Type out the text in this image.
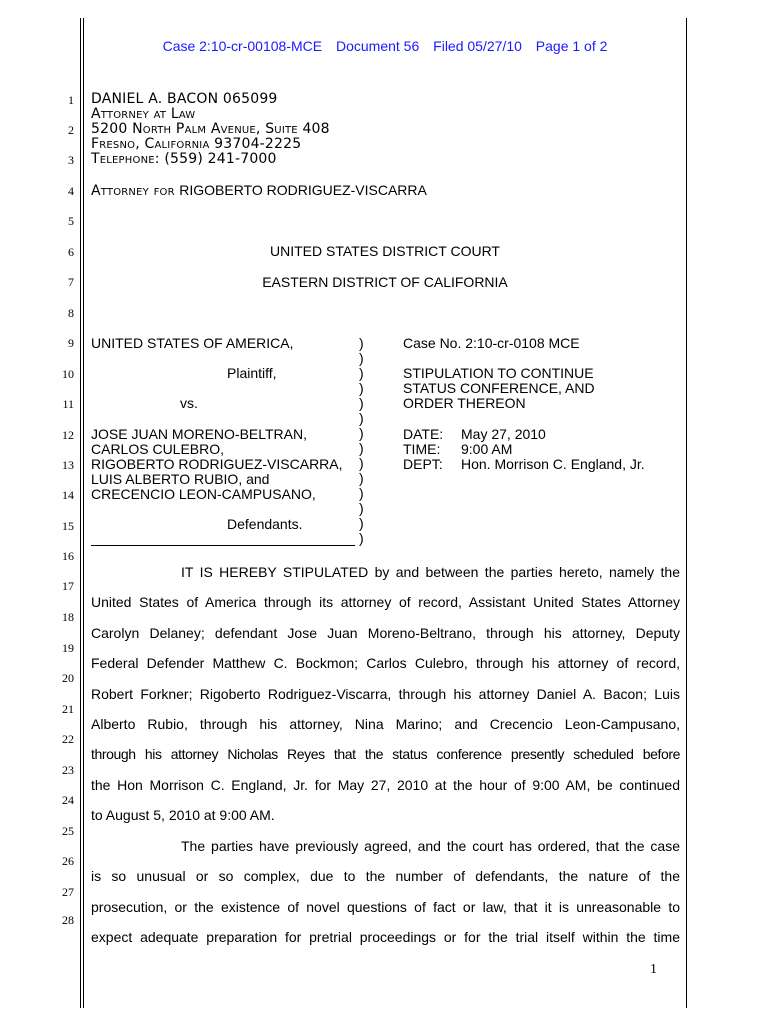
Case 2:10-cr-00108-MCE Document 56 Filed 05/27/10 Page 1 of 2
1
2
3
4
5
6
7
8
9
10
11
12
13
14
15
16
17
18
19
20
21
22
23
24
25
26
27
28
DANIEL A. BACON 065099
Attorney at Law
5200 North Palm Avenue, Suite 408
Fresno, California 93704-2225
Telephone: (559) 241-7000
Attorney for RIGOBERTO RODRIGUEZ-VISCARRA
UNITED STATES DISTRICT COURT
EASTERN DISTRICT OF CALIFORNIA
UNITED STATES OF AMERICA,
Plaintiff,
vs.
JOSE JUAN MORENO-BELTRAN,
CARLOS CULEBRO,
RIGOBERTO RODRIGUEZ-VISCARRA,
LUIS ALBERTO RUBIO, and
CRECENCIO LEON-CAMPUSANO,
Defendants.
)
)
)
)
)
)
)
)
)
)
)
)
)
)
Case No. 2:10-cr-0108 MCE
STIPULATION TO CONTINUE
STATUS CONFERENCE, AND
ORDER THEREON
DATE: May 27, 2010
TIME: 9:00 AM
DEPT: Hon. Morrison C. England, Jr.
IT IS HEREBY STIPULATED by and between the parties hereto, namely the
United States of America through its attorney of record, Assistant United States Attorney
Carolyn Delaney; defendant Jose Juan Moreno-Beltrano, through his attorney, Deputy
Federal Defender Matthew C. Bockmon; Carlos Culebro, through his attorney of record,
Robert Forkner; Rigoberto Rodriguez-Viscarra, through his attorney Daniel A. Bacon; Luis
Alberto Rubio, through his attorney, Nina Marino; and Crecencio Leon-Campusano,
through his attorney Nicholas Reyes that the status conference presently scheduled before
the Hon Morrison C. England, Jr. for May 27, 2010 at the hour of 9:00 AM, be continued
to August 5, 2010 at 9:00 AM.
The parties have previously agreed, and the court has ordered, that the case
is so unusual or so complex, due to the number of defendants, the nature of the
prosecution, or the existence of novel questions of fact or law, that it is unreasonable to
expect adequate preparation for pretrial proceedings or for the trial itself within the time
1
